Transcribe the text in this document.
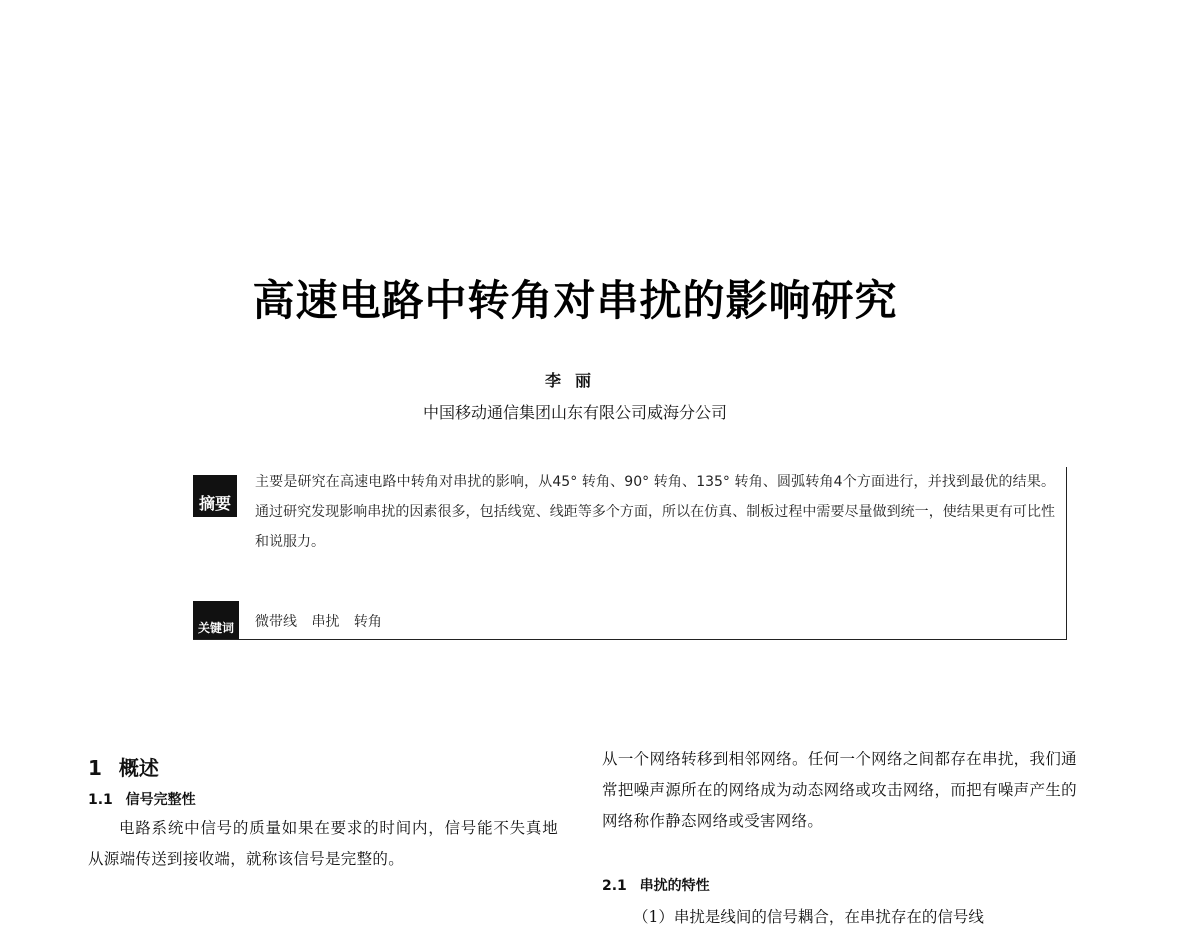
高速电路中转角对串扰的影响研究
李丽
中国移动通信集团山东有限公司威海分公司
摘要
主要是研究在高速电路中转角对串扰的影响，从45° 转角、90° 转角、135° 转角、圆弧转角4个方面进行，并找到最优的结果。通过研究发现影响串扰的因素很多，包括线宽、线距等多个方面，所以在仿真、制板过程中需要尽量做到统一，使结果更有可比性和说服力。
关键词	微带线 串扰 转角
1 概述
1.1 信号完整性

电路系统中信号的质量如果在要求的时间内，信号能不失真地从源端传送到接收端，就称该信号是完整的。

从一个网络转移到相邻网络。任何一个网络之间都存在串扰，我们通常把噪声源所在的网络成为动态网络或攻击网络，而把有噪声产生的网络称作静态网络或受害网络。

2.1 串扰的特性

（1）串扰是线间的信号耦合，在串扰存在的信号线
